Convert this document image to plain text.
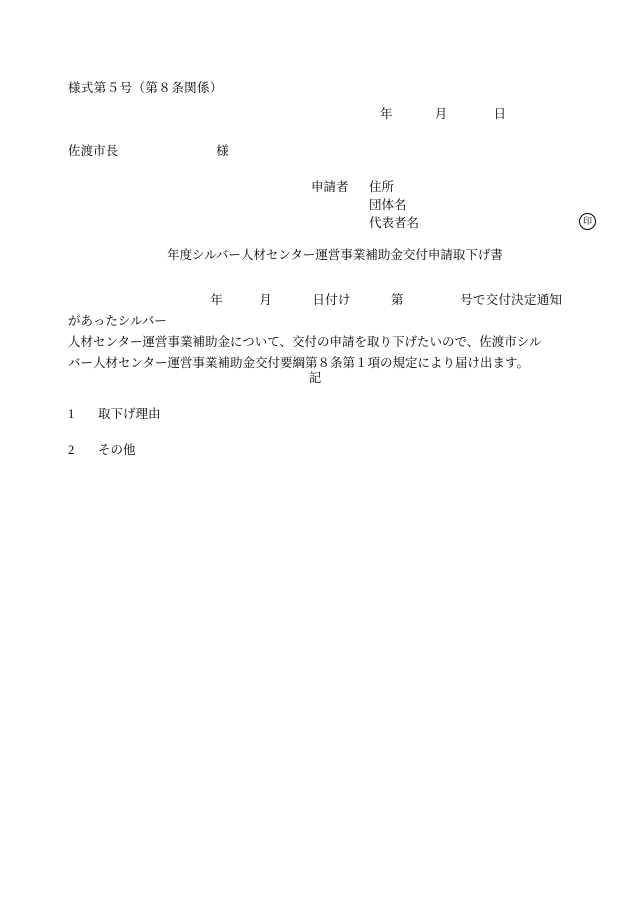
様式第５号（第８条関係）
年	月	日
佐渡市長	様
申請者	住所
団体名
代表者名	印
年度シルバー人材センター運営事業補助金交付申請取下げ書
年	月	日付け	第	号で交付決定通知があったシルバー
人材センター運営事業補助金について、交付の申請を取り下げたいので、佐渡市シル
バー人材センター運営事業補助金交付要綱第８条第１項の規定により届け出ます。
記
1 取下げ理由
2 その他
